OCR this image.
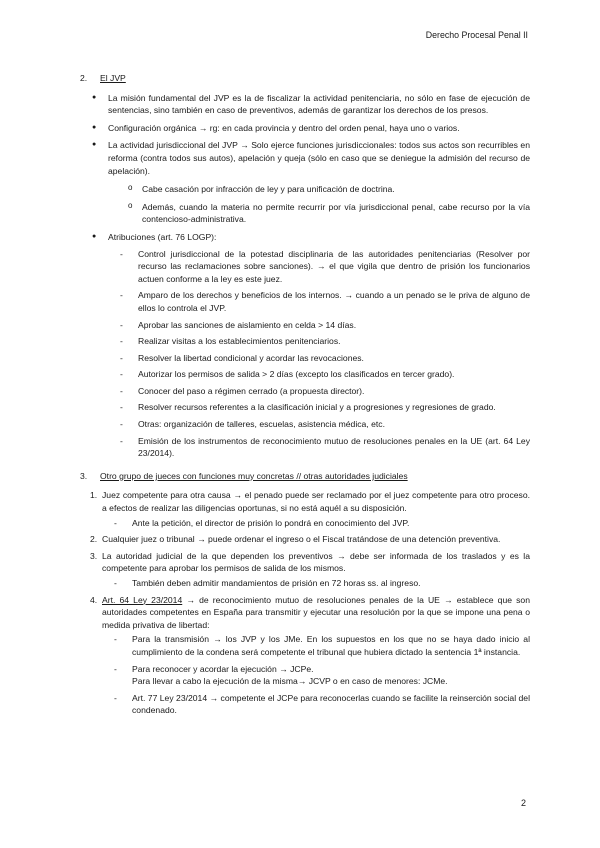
Derecho Procesal Penal II
2.	El JVP
● La misión fundamental del JVP es la de fiscalizar la actividad penitenciaria, no sólo en fase de ejecución de sentencias, sino también en caso de preventivos, además de garantizar los derechos de los presos.
● Configuración orgánica → rg: en cada provincia y dentro del orden penal, haya uno o varios.
● La actividad jurisdiccional del JVP → Solo ejerce funciones jurisdiccionales: todos sus actos son recurribles en reforma (contra todos sus autos), apelación y queja (sólo en caso que se deniegue la admisión del recurso de apelación).
o Cabe casación por infracción de ley y para unificación de doctrina.
o Además, cuando la materia no permite recurrir por vía jurisdiccional penal, cabe recurso por la vía contencioso-administrativa.
● Atribuciones (art. 76 LOGP):
- Control jurisdiccional de la potestad disciplinaria de las autoridades penitenciarias (Resolver por recurso las reclamaciones sobre sanciones). → el que vigila que dentro de prisión los funcionarios actuen conforme a la ley es este juez.
- Amparo de los derechos y beneficios de los internos. → cuando a un penado se le priva de alguno de ellos lo controla el JVP.
- Aprobar las sanciones de aislamiento en celda > 14 días.
- Realizar visitas a los establecimientos penitenciarios.
- Resolver la libertad condicional y acordar las revocaciones.
- Autorizar los permisos de salida > 2 días (excepto los clasificados en tercer grado).
- Conocer del paso a régimen cerrado (a propuesta director).
- Resolver recursos referentes a la clasificación inicial y a progresiones y regresiones de grado.
- Otras: organización de talleres, escuelas, asistencia médica, etc.
- Emisión de los instrumentos de reconocimiento mutuo de resoluciones penales en la UE (art. 64 Ley 23/2014).
3.	Otro grupo de jueces con funciones muy concretas // otras autoridades judiciales
1. Juez competente para otra causa → el penado puede ser reclamado por el juez competente para otro proceso. a efectos de realizar las diligencias oportunas, si no está aquél a su disposición.
- Ante la petición, el director de prisión lo pondrá en conocimiento del JVP.
2. Cualquier juez o tribunal → puede ordenar el ingreso o el Fiscal tratándose de una detención preventiva.
3. La autoridad judicial de la que dependen los preventivos → debe ser informada de los traslados y es la competente para aprobar los permisos de salida de los mismos.
- También deben admitir mandamientos de prisión en 72 horas ss. al ingreso.
4. Art. 64 Ley 23/2014 → de reconocimiento mutuo de resoluciones penales de la UE → establece que son autoridades competentes en España para transmitir y ejecutar una resolución por la que se impone una pena o medida privativa de libertad:
- Para la transmisión → los JVP y los JMe. En los supuestos en los que no se haya dado inicio al cumplimiento de la condena será competente el tribunal que hubiera dictado la sentencia 1ª instancia.
- Para reconocer y acordar la ejecución → JCPe.
Para llevar a cabo la ejecución de la misma→ JCVP o en caso de menores: JCMe.
- Art. 77 Ley 23/2014 → competente el JCPe para reconocerlas cuando se facilite la reinserción social del condenado.
2
